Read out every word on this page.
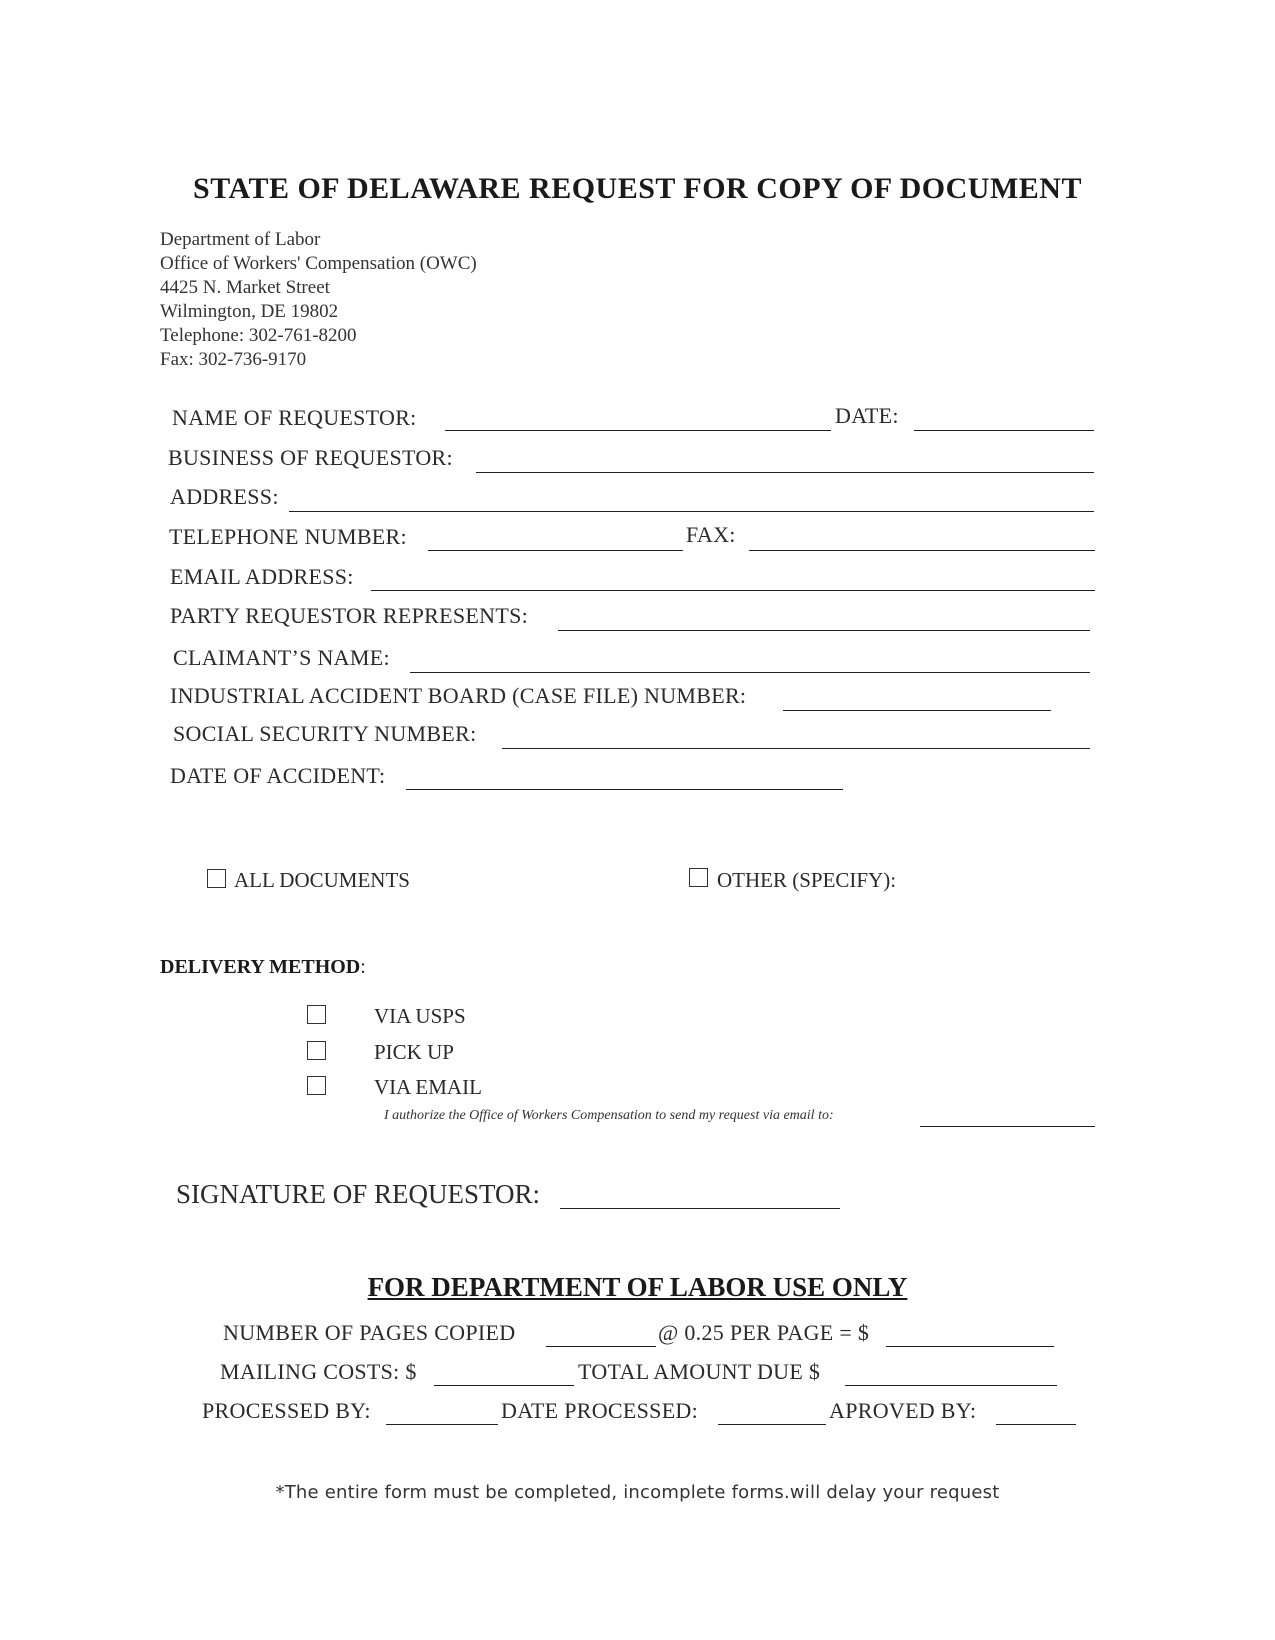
STATE OF DELAWARE REQUEST FOR COPY OF DOCUMENT
Department of Labor
Office of Workers' Compensation (OWC)
4425 N. Market Street
Wilmington, DE 19802
Telephone: 302-761-8200
Fax: 302-736-9170
NAME OF REQUESTOR:	DATE:
BUSINESS OF REQUESTOR:
ADDRESS:
TELEPHONE NUMBER:	FAX:
EMAIL ADDRESS:
PARTY REQUESTOR REPRESENTS:
CLAIMANT’S NAME:
INDUSTRIAL ACCIDENT BOARD (CASE FILE) NUMBER:
SOCIAL SECURITY NUMBER:
DATE OF ACCIDENT:
ALL DOCUMENTS	OTHER (SPECIFY):
DELIVERY METHOD:
VIA USPS
PICK UP
VIA EMAIL
I authorize the Office of Workers Compensation to send my request via email to:
SIGNATURE OF REQUESTOR:
FOR DEPARTMENT OF LABOR USE ONLY
NUMBER OF PAGES COPIED	@ 0.25 PER PAGE = $
MAILING COSTS: $	TOTAL AMOUNT DUE $
PROCESSED BY:	DATE PROCESSED:	APROVED BY:
*The entire form must be completed, incomplete forms.will delay your request
